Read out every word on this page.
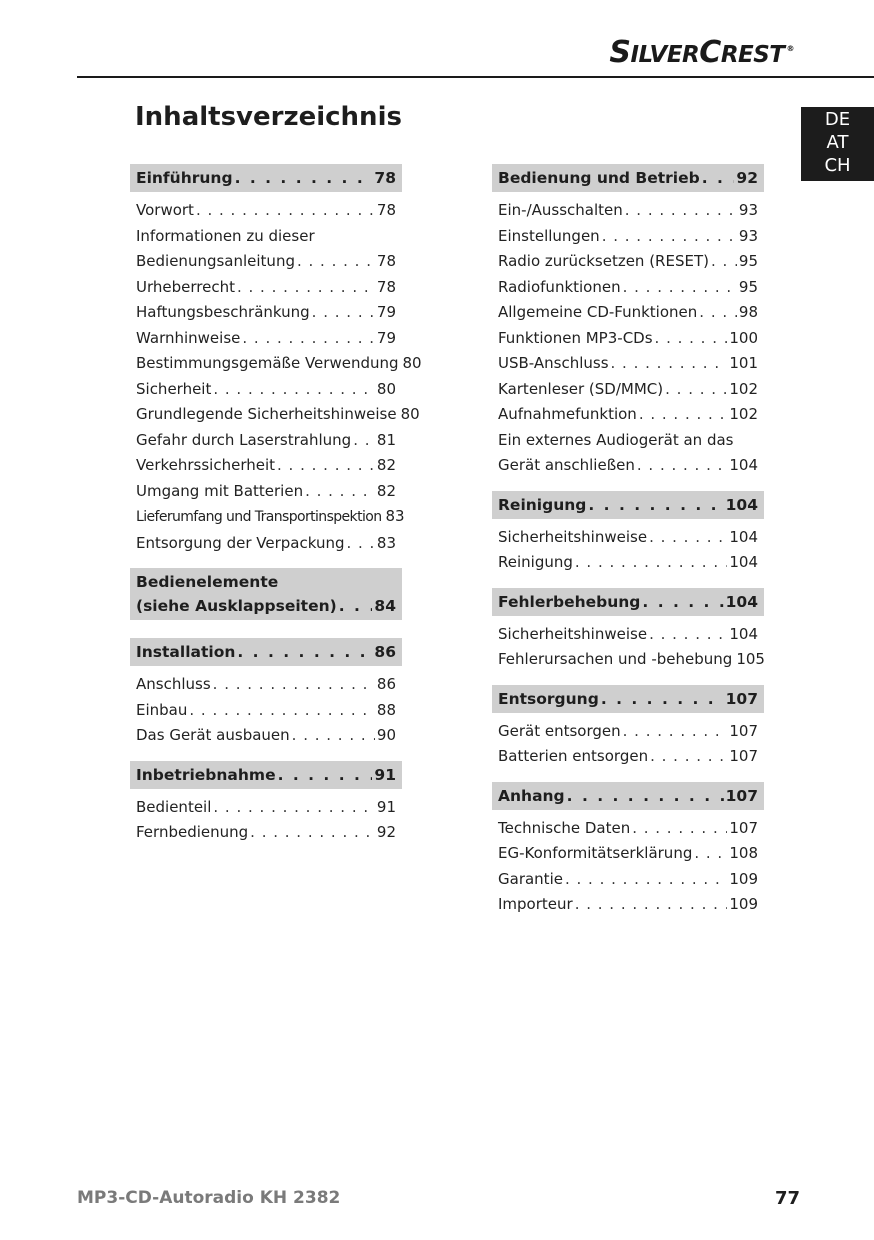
SILVERCREST ®
DE
AT
CH
Inhaltsverzeichnis
Einführung . . .	78
Vorwort . . .	78
Informationen zu dieser
Bedienungsanleitung . . .	78
Urheberrecht . . .	78
Haftungsbeschränkung . . .	79
Warnhinweise . . .	79
Bestimmungsgemäße Verwendung 80
Sicherheit . . .	80
Grundlegende Sicherheitshinweise 80
Gefahr durch Laserstrahlung . . . 81
Verkehrssicherheit . . .	82
Umgang mit Batterien . . .	82
Lieferumfang und Transportinspektion 83
Entsorgung der Verpackung . . . 83
Bedienelemente
(siehe Ausklappseiten) . . . 84
Installation . . .	86
Anschluss . . .	86
Einbau . . .	88
Das Gerät ausbauen . . .	90
Inbetriebnahme . . .	91
Bedienteil . . .	91
Fernbedienung . . .	92
Bedienung und Betrieb . . . 92
Ein-/Ausschalten . . .	93
Einstellungen . . .	93
Radio zurücksetzen (RESET) . . . 95
Radiofunktionen . . .	95
Allgemeine CD-Funktionen . . .	98
Funktionen MP3-CDs . . .	100
USB-Anschluss . . .	101
Kartenleser (SD/MMC) . . .	102
Aufnahmefunktion . . .	102
Ein externes Audiogerät an das
Gerät anschließen . . .	104
Reinigung . . .	104
Sicherheitshinweise . . .	104
Reinigung . . .	104
Fehlerbehebung . . .	104
Sicherheitshinweise . . .	104
Fehlerursachen und -behebung 105
Entsorgung . . .	107
Gerät entsorgen . . .	107
Batterien entsorgen . . .	107
Anhang . . .	107
Technische Daten . . .	107
EG-Konformitätserklärung . . . 108
Garantie . . .	109
Importeur . . .	109
MP3-CD-Autoradio KH 2382	77
